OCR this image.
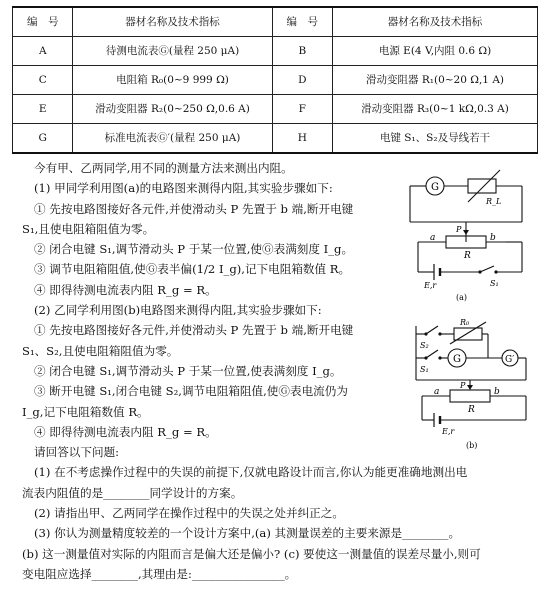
编　号	器材名称及技术指标	编　号	器材名称及技术指标
A	待测电流表Ⓖ(量程 250 μA)	B	电源 E(4 V,内阻 0.6 Ω)
C	电阻箱 R₀(0~9 999 Ω)	D	滑动变阻器 R₁(0~20 Ω,1 A)
E	滑动变阻器 R₂(0~250 Ω,0.6 A)	F	滑动变阻器 R₃(0~1 kΩ,0.3 A)
G	标准电流表Ⓖ′(量程 250 μA)	H	电键 S₁、S₂及导线若干
今有甲、乙两同学,用不同的测量方法来测出内阻。
(1) 甲同学利用图(a)的电路图来测得内阻,其实验步骤如下:
① 先按电路图接好各元件,并使滑动头 P 先置于 b 端,断开电键
S₁,且使电阻箱阻值为零。
② 闭合电键 S₁,调节滑动头 P 于某一位置,使Ⓖ表满刻度 I_g。
③ 调节电阻箱阻值,使Ⓖ表半偏(1/2 I_g),记下电阻箱数值 R。
④ 即得待测电流表内阻 R_g = R。
(2) 乙同学利用图(b)电路图来测得内阻,其实验步骤如下:
① 先按电路图接好各元件,并使滑动头 P 先置于 b 端,断开电键
S₁、S₂,且使电阻箱阻值为零。
② 闭合电键 S₁,调节滑动头 P 于某一位置,使表满刻度 I_g。
③ 断开电键 S₁,闭合电键 S₂,调节电阻箱阻值,使Ⓖ表电流仍为
I_g,记下电阻箱数值 R。
④ 即得待测电流表内阻 R_g = R。
请回答以下问题:
(1) 在不考虑操作过程中的失误的前提下,仅就电路设计而言,你认为能更准确地测出电
流表内阻值的是________同学设计的方案。
(2) 请指出甲、乙两同学在操作过程中的失误之处并纠正之。
(3) 你认为测量精度较差的一个设计方案中,(a) 其测量误差的主要来源是________。
(b) 这一测量值对实际的内阻而言是偏大还是偏小? (c) 要使这一测量值的误差尽量小,则可
变电阻应选择________,其理由是:________________。
G
R_L
P
a
R
b
E,r	S₁
(a)
R₀
S₂
G	G′
S₁
P
a
R
b
E,r
(b)
